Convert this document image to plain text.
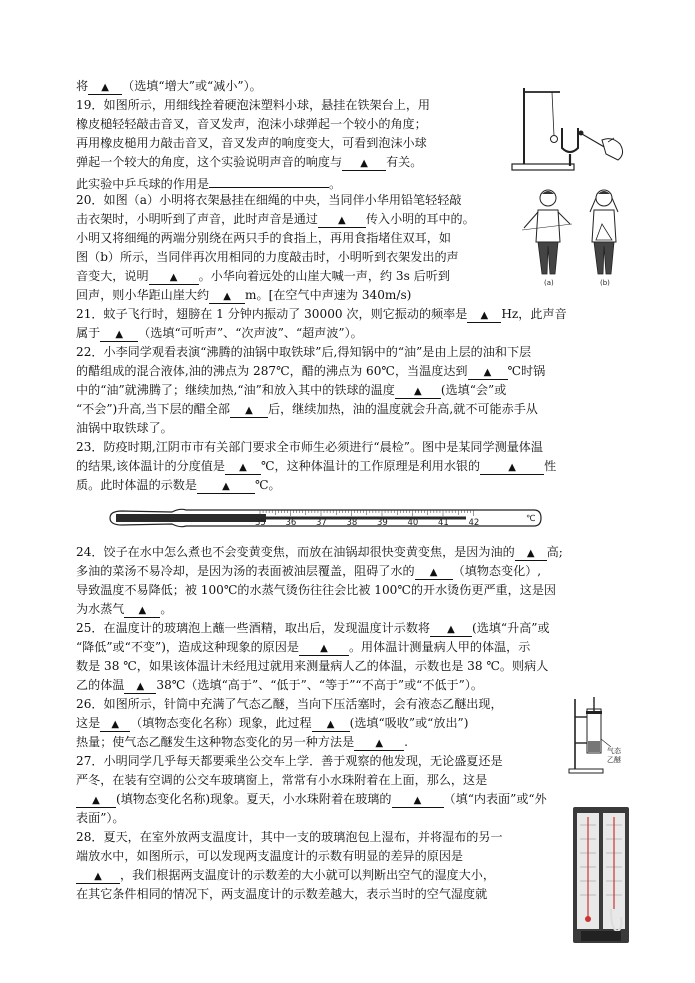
将 ▲ （选填“增大”或“减小”）。
19．如图所示，用细线拴着硬泡沫塑料小球，悬挂在铁架台上，用
橡皮槌轻轻敲击音叉，音叉发声，泡沫小球弹起一个较小的角度；
再用橡皮槌用力敲击音叉，音叉发声的响度变大，可看到泡沫小球
弹起一个较大的角度，这个实验说明声音的响度与 ▲ 有关。
此实验中乒乓球的作用是	。
20．如图（a）小明将衣架悬挂在细绳的中央，当同伴小华用铅笔轻轻敲
击衣架时，小明听到了声音，此时声音是通过 ▲ 传入小明的耳中的。
小明又将细绳的两端分别绕在两只手的食指上，再用食指堵住双耳，如
图（b）所示，当同伴再次用相同的力度敲击时，小明听到衣架发出的声
音变大，说明 ▲ 。小华向着远处的山崖大喊一声，约 3s 后听到
回声，则小华距山崖大约 ▲ m。[在空气中声速为 340m/s)
21．蚊子飞行时，翅膀在 1 分钟内振动了 30000 次，则它振动的频率是 ▲ Hz，此声音
属于 ▲ （选填“可听声”、“次声波”、“超声波”）。
22．小李同学观看表演“沸腾的油锅中取铁球”后,得知锅中的“油”是由上层的油和下层
的醋组成的混合液体,油的沸点为 287℃，醋的沸点为 60℃，当温度达到 ▲ ℃时锅
中的“油”就沸腾了；继续加热,“油”和放入其中的铁球的温度 ▲ (选填“会”或
“不会”)升高,当下层的醋全部 ▲ 后，继续加热，油的温度就会升高,就不可能赤手从
油锅中取铁球了。
23．防疫时期,江阴市市有关部门要求全市师生必须进行“晨检”。图中是某同学测量体温
的结果,该体温计的分度值是 ▲ ℃，这种体温计的工作原理是利用水银的	▲ 性
质。此时体温的示数是	▲ ℃。
24．饺子在水中怎么煮也不会变黄变焦，而放在油锅却很快变黄变焦，是因为油的 ▲ 高;
多油的菜汤不易冷却，是因为汤的表面被油层覆盖，阻碍了水的 ▲ （填物态变化）,
导致温度不易降低；被 100℃的水蒸气烫伤往往会比被 100℃的开水烫伤更严重，这是因
为水蒸气 ▲ 。
25．在温度计的玻璃泡上蘸一些酒精，取出后，发现温度计示数将 ▲ (选填“升高”或
“降低”或“不变”)，造成这种现象的原因是 ▲ 。用体温计测量病人甲的体温，示
数是 38 ℃，如果该体温计未经甩过就用来测量病人乙的体温，示数也是 38 ℃。则病人
乙的体温 ▲ 38℃（选填“高于”、“低于”、“等于”“不高于”或“不低于”）。
26．如图所示，针筒中充满了气态乙醚，当向下压活塞时，会有液态乙醚出现，
这是 ▲ （填物态变化名称）现象，此过程 ▲ (选填“吸收”或“放出”)
热量；使气态乙醚发生这种物态变化的另一种方法是 ▲ .
27．小明同学几乎每天都要乘坐公交车上学．善于观察的他发现，无论盛夏还是
严冬，在装有空调的公交车玻璃窗上，常常有小水珠附着在上面，那么，这是
▲ (填物态变化名称)现象。夏天，小水珠附着在玻璃的 ▲ （填“内表面”或“外
表面”）。
28．夏天，在室外放两支温度计，其中一支的玻璃泡包上湿布，并将湿布的另一
端放水中，如图所示，可以发现两支温度计的示数有明显的差异的原因是
▲ ，我们根据两支温度计的示数差的大小就可以判断出空气的湿度大小，
在其它条件相同的情况下，两支温度计的示数差越大，表示当时的空气湿度就
(a)	(b)
35 36 37 38 39 40 41 42	℃
气态
乙醚
